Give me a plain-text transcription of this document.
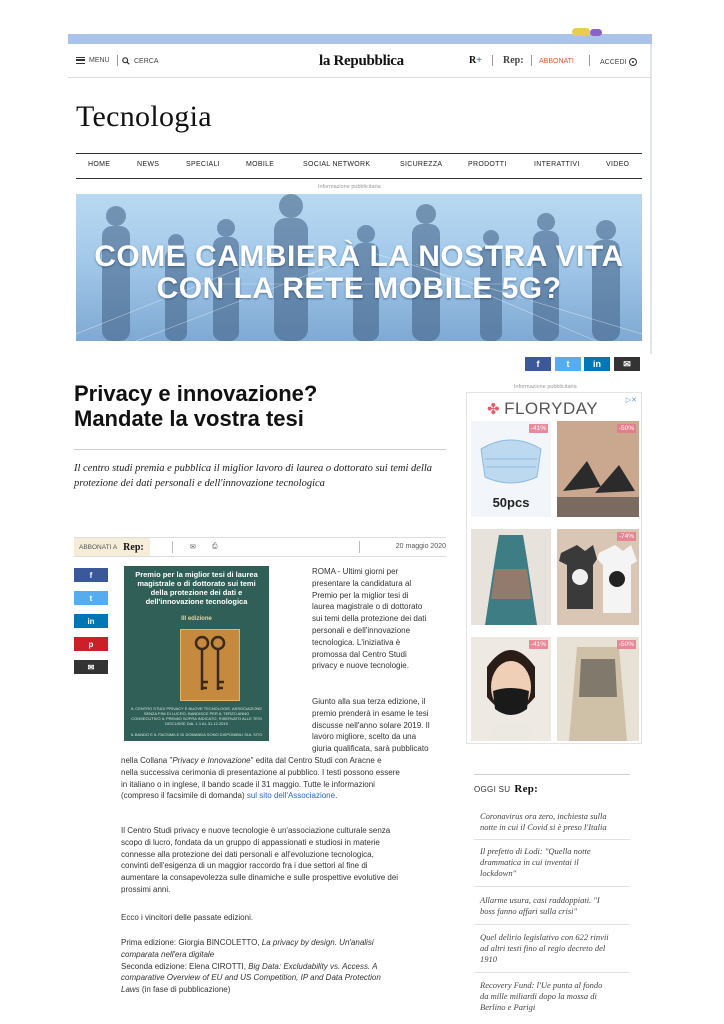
MENU	CERCA	la Repubblica	R+ Rep: ABBONATI	ACCEDI
Tecnologia
HOME	NEWS	SPECIALI	MOBILE	SOCIAL NETWORK	SICUREZZA	PRODOTTI	INTERATTIVI	VIDEO
Informazione pubblicitaria
COME CAMBIERÀ LA NOSTRA VITA
CON LA RETE MOBILE 5G?
f	t	in	✉
Privacy e innovazione?
Mandate la vostra tesi
Il centro studi premia e pubblica il miglior lavoro di laurea o dottorato sui temi della protezione dei dati personali e dell'innovazione tecnologica
ABBONATI A Rep:	✉ ⎙	20 maggio 2020
f
t
in
p
✉
Premio per la miglior tesi di laurea magistrale o di dottorato sui temi della protezione dei dati e dell'innovazione tecnologica
III edizione
IL CENTRO STUDI PRIVACY E NUOVE TECNOLOGIE, ASSOCIAZIONE SENZA FINI DI LUCRO, BANDISCE PER IL TERZO ANNO CONSECUTIVO IL PREMIO SOPRA INDICATO, RISERVATO ALLE TESI DISCUSSE DAL 1.1 AL 31.12.2019
IL BANDO E IL FACSIMILE DI DOMANDA SONO DISPONIBILI SUL SITO
ROMA - Ultimi giorni per
presentare la candidatura al
Premio per la miglior tesi di
laurea magistrale o di dottorato
sui temi della protezione dei dati
personali e dell'innovazione
tecnologica. L'iniziativa è
promossa dal Centro Studi
privacy e nuove tecnologie.
Giunto alla sua terza edizione, il
premio prenderà in esame le tesi
discusse nell'anno solare 2019. Il
lavoro migliore, scelto da una
giuria qualificata, sarà pubblicato
nella Collana "Privacy e Innovazione" edita dal Centro Studi con Aracne e
nella successiva cerimonia di presentazione al pubblico. I testi possono essere
in italiano o in inglese, il bando scade il 31 maggio. Tutte le informazioni
(compreso il facsimile di domanda) sul sito dell'Associazione.
Il Centro Studi privacy e nuove tecnologie è un'associazione culturale senza
scopo di lucro, fondata da un gruppo di appassionati e studiosi in materie
connesse alla protezione dei dati personali e all'evoluzione tecnologica,
convinti dell'esigenza di un maggior raccordo fra i due settori al fine di
aumentare la consapevolezza sulle dinamiche e sulle prospettive evolutive dei
prossimi anni.
Ecco i vincitori delle passate edizioni.
Prima edizione: Giorgia BINCOLETTO, La privacy by design. Un'analisi
comparata nell'era digitale
Seconda edizione: Elena CIROTTI, Big Data: Excludability vs. Access. A
comparative Overview of EU and US Competition, IP and Data Protection
Laws (in fase di pubblicazione)
Informazione pubblicitaria
✤ FLORYDAY	▷✕
-41%
50pcs
-50%
-74%
-41%	-50%
OGGI SU Rep:
Coronavirus ora zero, inchiesta sulla
notte in cui il Covid si è preso l'Italia
Il prefetto di Lodi: "Quella notte
drammatica in cui inventai il
lockdown"
Allarme usura, casi raddoppiati. "I
boss fanno affari sulla crisi"
Quel delirio legislativo con 622 rinvii
ad altri testi fino al regio decreto del
1910
Recovery Fund: l'Ue punta al fondo
da mille miliardi dopo la mossa di
Berlino e Parigi
